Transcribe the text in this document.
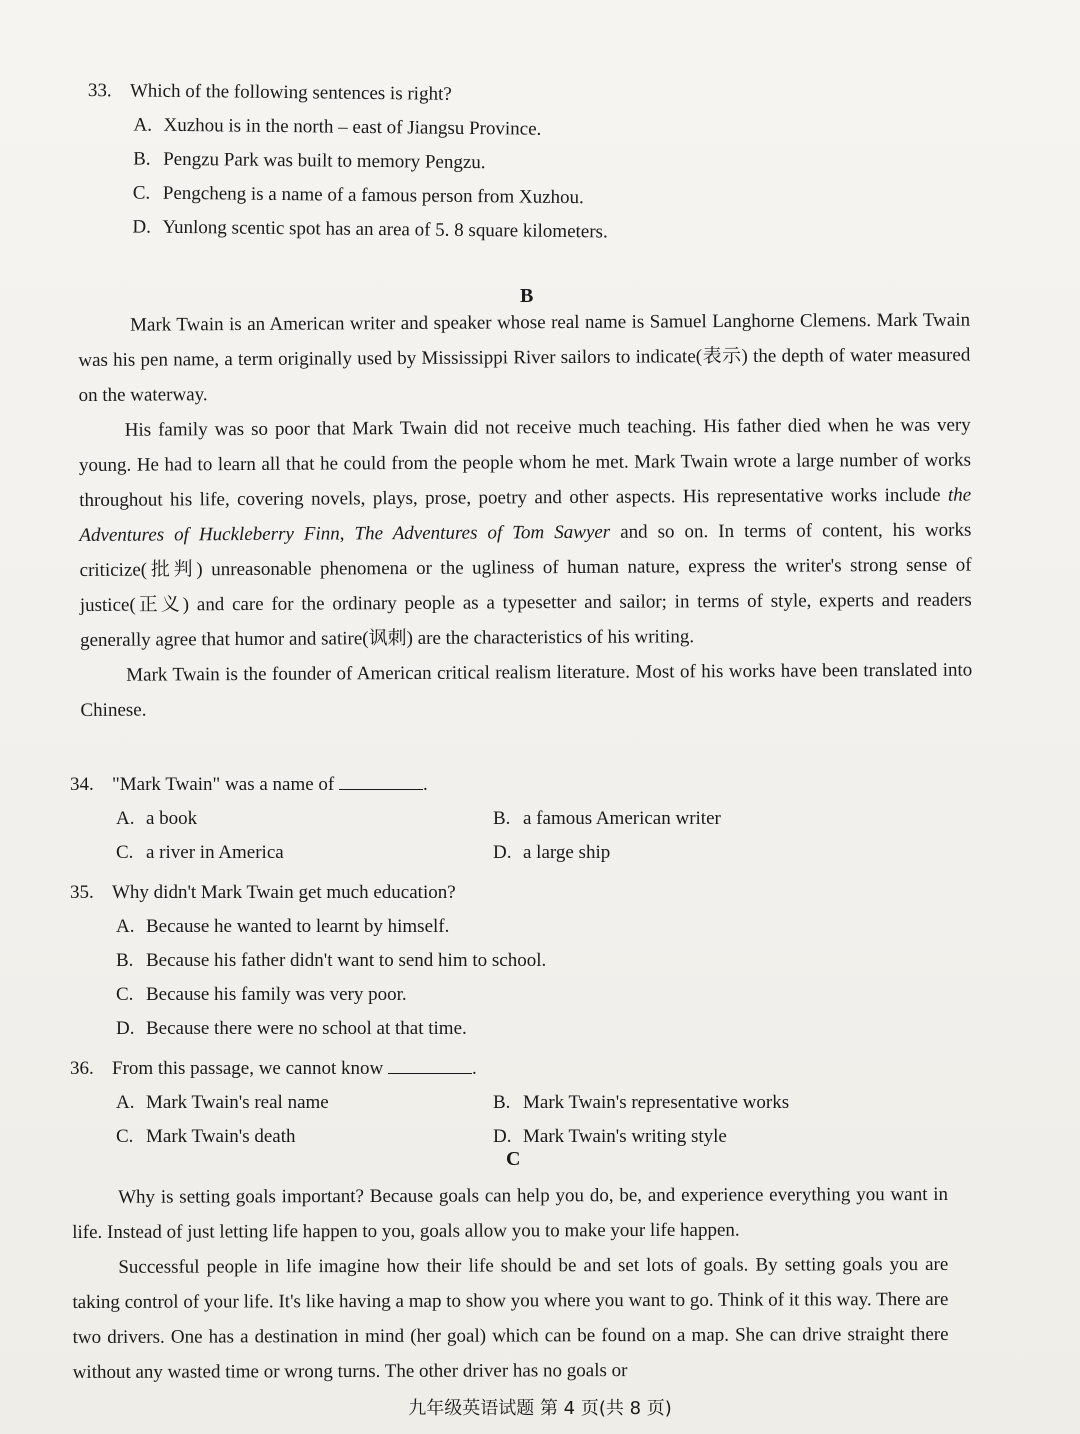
33. Which of the following sentences is right?
A. Xuzhou is in the north – east of Jiangsu Province.
B. Pengzu Park was built to memory Pengzu.
C. Pengcheng is a name of a famous person from Xuzhou.
D. Yunlong scentic spot has an area of 5. 8 square kilometers.
B

Mark Twain is an American writer and speaker whose real name is Samuel Langhorne Clemens. Mark Twain was his pen name, a term originally used by Mississippi River sailors to indicate(表示) the depth of water measured on the waterway.

His family was so poor that Mark Twain did not receive much teaching. His father died when he was very young. He had to learn all that he could from the people whom he met. Mark Twain wrote a large number of works throughout his life, covering novels, plays, prose, poetry and other aspects. His representative works include the Adventures of Huckleberry Finn, The Adventures of Tom Sawyer and so on. In terms of content, his works criticize(批判) unreasonable phenomena or the ugliness of human nature, express the writer's strong sense of justice(正义) and care for the ordinary people as a typesetter and sailor; in terms of style, experts and readers generally agree that humor and satire(讽刺) are the characteristics of his writing.

Mark Twain is the founder of American critical realism literature. Most of his works have been translated into Chinese.

34. "Mark Twain" was a name of	.
A. a book	B. a famous American writer
C. a river in America	D. a large ship
35. Why didn't Mark Twain get much education?
A. Because he wanted to learnt by himself.
B. Because his father didn't want to send him to school.
C. Because his family was very poor.
D. Because there were no school at that time.
36. From this passage, we cannot know	.
A. Mark Twain's real name	B. Mark Twain's representative works
C. Mark Twain's death	D. Mark Twain's writing style
C

Why is setting goals important? Because goals can help you do, be, and experience everything you want in life. Instead of just letting life happen to you, goals allow you to make your life happen.

Successful people in life imagine how their life should be and set lots of goals. By setting goals you are taking control of your life. It's like having a map to show you where you want to go. Think of it this way. There are two drivers. One has a destination in mind (her goal) which can be found on a map. She can drive straight there without any wasted time or wrong turns. The other driver has no goals or

九年级英语试题 第 4 页(共 8 页)
